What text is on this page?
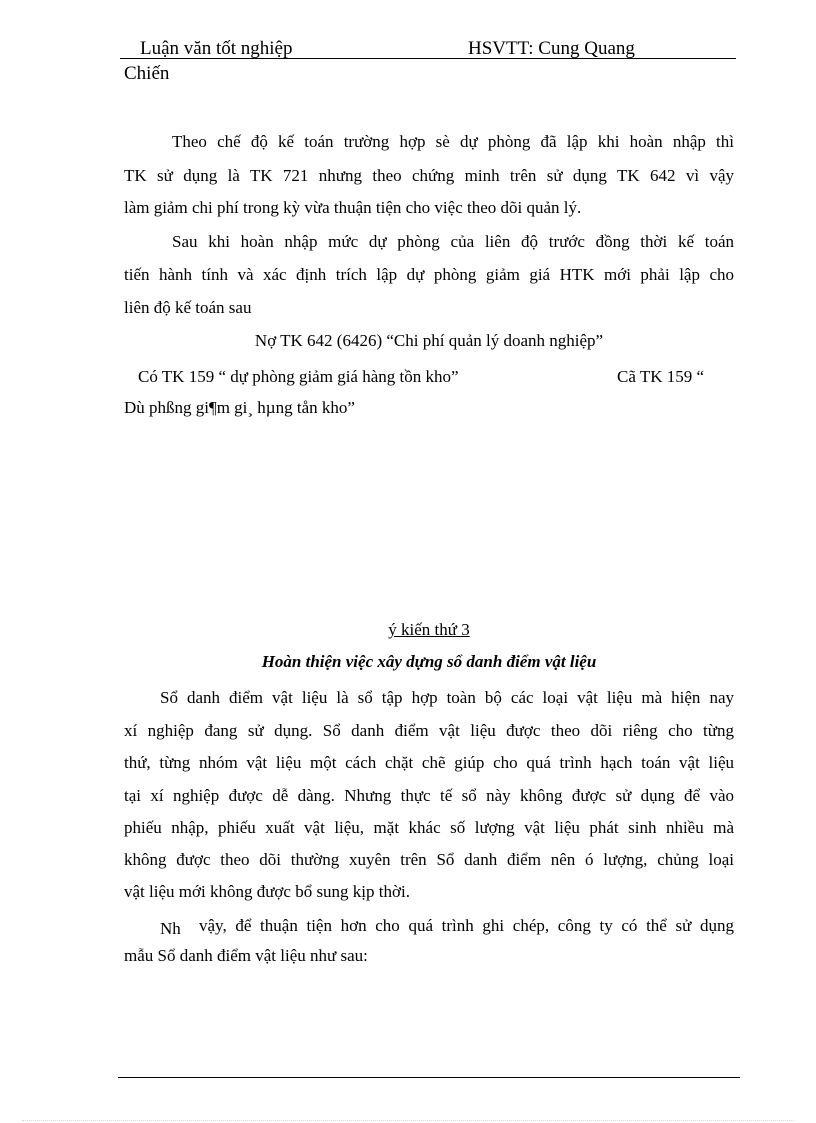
Luận văn tốt nghiệp	HSVTT: Cung Quang
Chiến
Theo chế độ kế toán trường hợp sè dự phòng đã lập khi hoàn nhập thì
TK sử dụng là TK 721 nhưng theo chứng minh trên sử dụng TK 642 vì vậy
làm giảm chi phí trong kỳ vừa thuận tiện cho việc theo dõi quản lý.
Sau khi hoàn nhập mức dự phòng của liên độ trước đồng thời kế toán
tiến hành tính và xác định trích lập dự phòng giảm giá HTK mới phải lập cho
liên độ kế toán sau
Nợ TK 642 (6426) “Chi phí quản lý doanh nghiệp”
Có TK 159 “ dự phòng giảm giá hàng tồn kho”	Cã TK 159 “
Dù phßng gi¶m gi¸ hµng tån kho”
ý kiến thứ 3
Hoàn thiện việc xây dựng sổ danh điểm vật liệu
Sổ danh điểm vật liệu là sổ tập hợp toàn bộ các loại vật liệu mà hiện nay
xí nghiệp đang sử dụng. Sổ danh điểm vật liệu được theo dõi riêng cho từng
thứ, từng nhóm vật liệu một cách chặt chẽ giúp cho quá trình hạch toán vật liệu
tại xí nghiệp được dễ dàng. Nhưng thực tế sổ này không được sử dụng để vào
phiếu nhập, phiếu xuất vật liệu, mặt khác số lượng vật liệu phát sinh nhiều mà
không được theo dõi thường xuyên trên Sổ danh điểm nên ó lượng, chủng loại
vật liệu mới không được bổ sung kịp thời.
Nh vậy, để thuận tiện hơn cho quá trình ghi chép, công ty có thể sử dụng
mẫu Sổ danh điểm vật liệu như sau:
